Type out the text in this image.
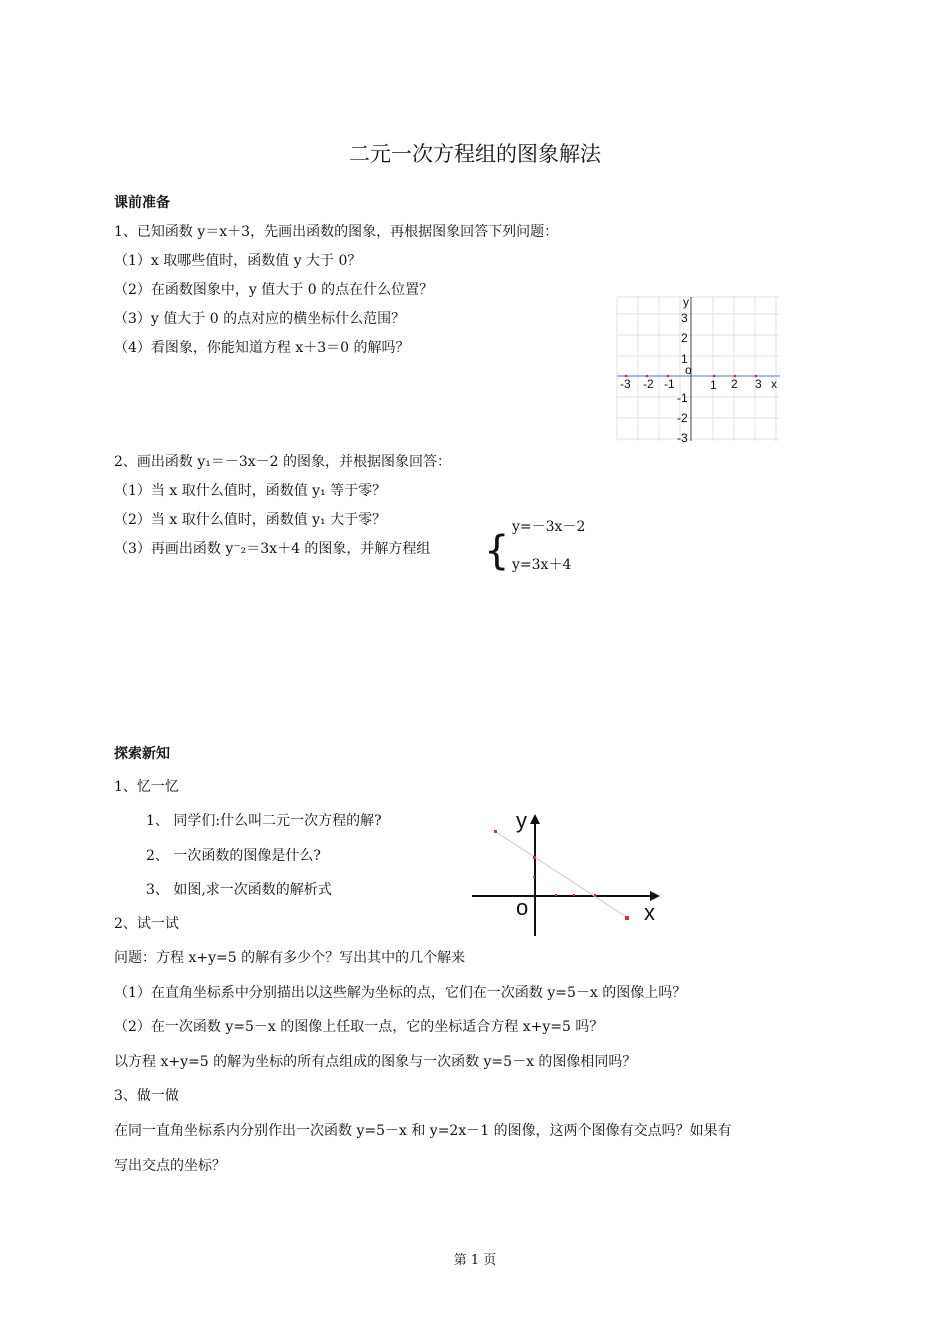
二元一次方程组的图象解法
课前准备
1、已知函数 y＝x＋3，先画出函数的图象，再根据图象回答下列问题：
（1）x 取哪些值时，函数值 y 大于 0？
（2）在函数图象中，y 值大于 0 的点在什么位置？
（3）y 值大于 0 的点对应的横坐标什么范围？
（4）看图象，你能知道方程 x＋3＝0 的解吗？
y
3
2
1
o
-1
-2
-3
-3 -2 -1	1 2 3 x
2、画出函数 y₁＝－3x－2 的图象，并根据图象回答：
（1）当 x 取什么值时，函数值 y₁ 等于零？
（2）当 x 取什么值时，函数值 y₁ 大于零？
（3）再画出函数 y⁻₂＝3x＋4 的图象，并解方程组 {
y=－3x－2
y=3x＋4
探索新知
1、忆一忆
1、 同学们:什么叫二元一次方程的解?
2、 一次函数的图像是什么?
3、 如图,求一次函数的解析式
y
o	x
2、试一试
问题：方程 x+y=5 的解有多少个？写出其中的几个解来
（1）在直角坐标系中分别描出以这些解为坐标的点，它们在一次函数 y=5－x 的图像上吗？
（2）在一次函数 y=5－x 的图像上任取一点，它的坐标适合方程 x+y=5 吗？
以方程 x+y=5 的解为坐标的所有点组成的图象与一次函数 y=5－x 的图像相同吗？
3、做一做
在同一直角坐标系内分别作出一次函数 y=5－x 和 y=2x－1 的图像，这两个图像有交点吗？如果有
写出交点的坐标？
第 1 页
